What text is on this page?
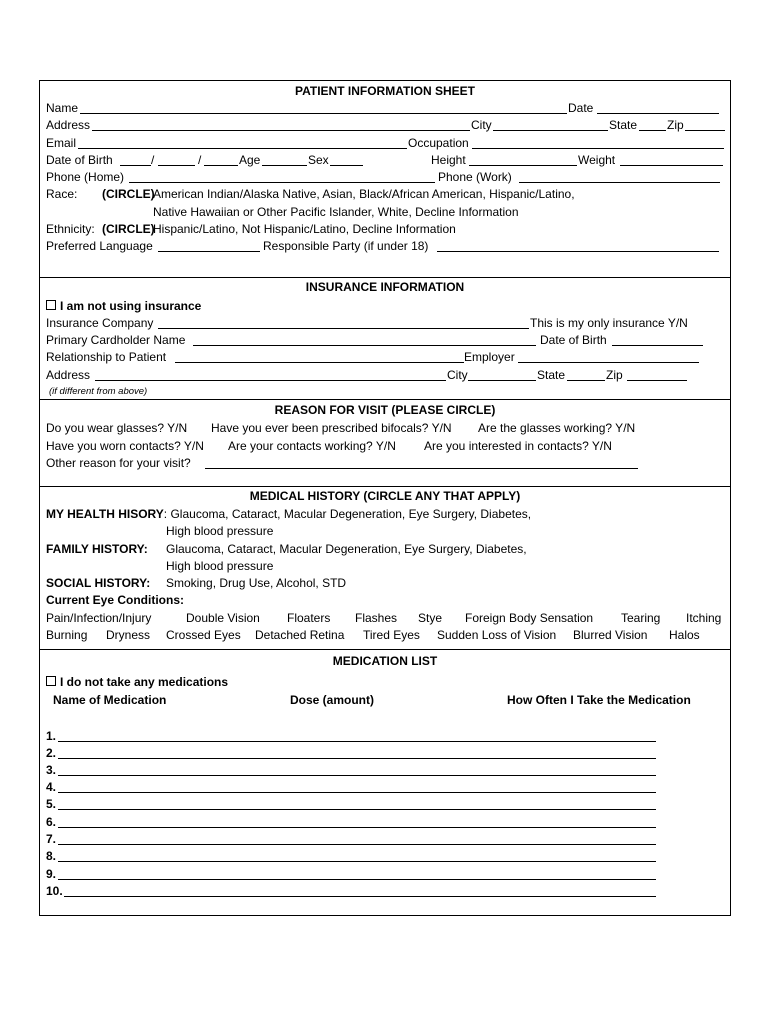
PATIENT INFORMATION SHEET
Name	Date
Address	City	State Zip
Email	Occupation
Date of Birth	/	/	Age	Sex	Height	Weight
Phone (Home)	Phone (Work)
Race: (CIRCLE)
American Indian/Alaska Native, Asian, Black/African American, Hispanic/Latino,
Native Hawaiian or Other Pacific Islander, White, Decline Information
Ethnicity: (CIRCLE)
Hispanic/Latino, Not Hispanic/Latino, Decline Information
Preferred Language	Responsible Party (if under 18)
INSURANCE INFORMATION
I am not using insurance
Insurance Company	This is my only insurance Y/N
Primary Cardholder Name	Date of Birth
Relationship to Patient	Employer
Address	City	State	Zip
(if different from above)
REASON FOR VISIT (PLEASE CIRCLE)
Do you wear glasses? Y/N Have you ever been prescribed bifocals? Y/N Are the glasses working? Y/N
Have you worn contacts? Y/N Are your contacts working? Y/N Are you interested in contacts? Y/N
Other reason for your visit?
MEDICAL HISTORY (CIRCLE ANY THAT APPLY)
MY HEALTH HISORY: Glaucoma, Cataract, Macular Degeneration, Eye Surgery, Diabetes,
High blood pressure
FAMILY HISTORY: Glaucoma, Cataract, Macular Degeneration, Eye Surgery, Diabetes,
High blood pressure
SOCIAL HISTORY: Smoking, Drug Use, Alcohol, STD
Current Eye Conditions:
Pain/Infection/Injury	Double Vision Floaters Flashes Stye Foreign Body Sensation Tearing Itching
Burning Dryness Crossed Eyes Detached Retina Tired Eyes Sudden Loss of Vision Blurred Vision Halos
MEDICATION LIST
I do not take any medications
Name of Medication	Dose (amount)	How Often I Take the Medication
1.
2.
3.
4.
5.
6.
7.
8.
9.
10.
